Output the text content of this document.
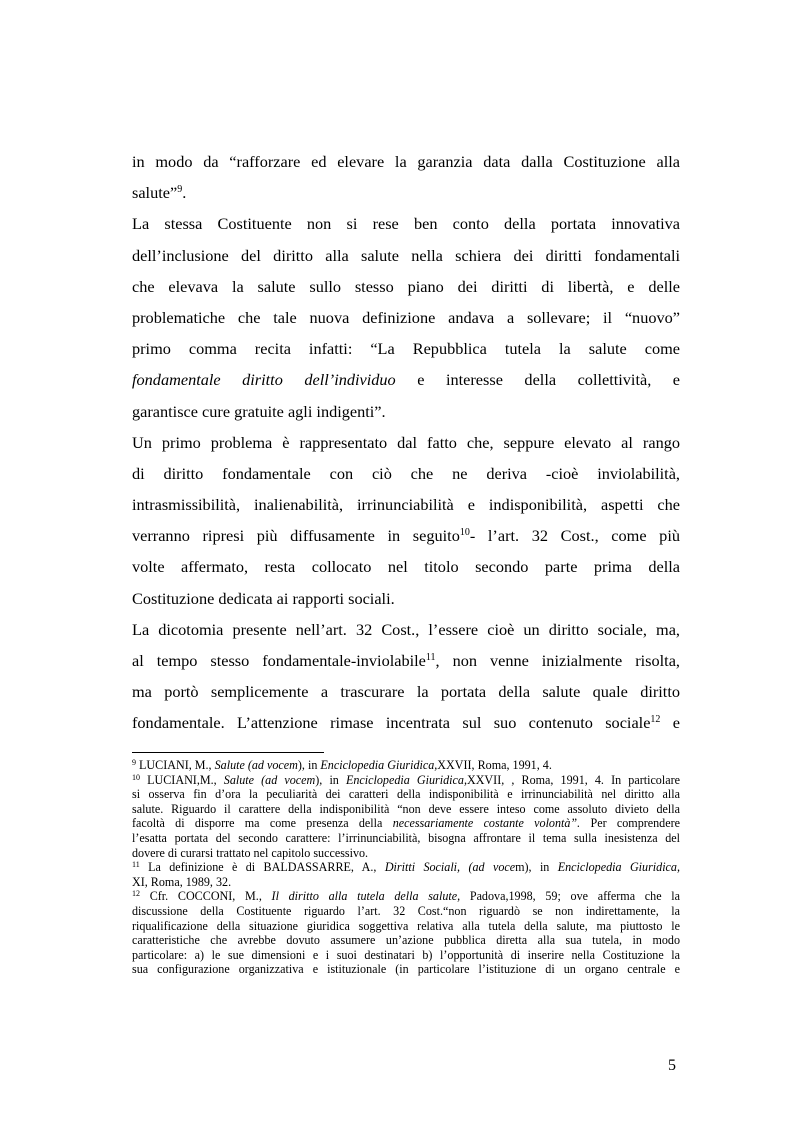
in modo da “rafforzare ed elevare la garanzia data dalla Costituzione alla
salute”$^9$.
La stessa Costituente non si rese ben conto della portata innovativa
dell’inclusione del diritto alla salute nella schiera dei diritti fondamentali
che elevava la salute sullo stesso piano dei diritti di libertà, e delle
problematiche che tale nuova definizione andava a sollevare; il “nuovo”
primo comma recita infatti: “La Repubblica tutela la salute come
fondamentale diritto dell’individuo e interesse della collettività, e
garantisce cure gratuite agli indigenti”.
Un primo problema è rappresentato dal fatto che, seppure elevato al rango
di diritto fondamentale con ciò che ne deriva -cioè inviolabilità,
intrasmissibilità, inalienabilità, irrinunciabilità e indisponibilità, aspetti che
verranno ripresi più diffusamente in seguito$^{10}$- l’art. 32 Cost., come più
volte affermato, resta collocato nel titolo secondo parte prima della
Costituzione dedicata ai rapporti sociali.
La dicotomia presente nell’art. 32 Cost., l’essere cioè un diritto sociale, ma,
al tempo stesso fondamentale-inviolabile$^{11}$, non venne inizialmente risolta,
ma portò semplicemente a trascurare la portata della salute quale diritto
fondamentale. L’attenzione rimase incentrata sul suo contenuto sociale$^{12}$ e
$^9$ LUCIANI, M., Salute (ad vocem), in Enciclopedia Giuridica,XXVII, Roma, 1991, 4.
$^{10}$ LUCIANI,M., Salute (ad vocem), in Enciclopedia Giuridica,XXVII, , Roma, 1991, 4. In particolare
si osserva fin d’ora la peculiarità dei caratteri della indisponibilità e irrinunciabilità nel diritto alla
salute. Riguardo il carattere della indisponibilità “non deve essere inteso come assoluto divieto della
facoltà di disporre ma come presenza della necessariamente costante volontà”. Per comprendere
l’esatta portata del secondo carattere: l’irrinunciabilità, bisogna affrontare il tema sulla inesistenza del
dovere di curarsi trattato nel capitolo successivo.
$^{11}$ La definizione è di BALDASSARRE, A., Diritti Sociali, (ad vocem), in Enciclopedia Giuridica,
XI, Roma, 1989, 32.
$^{12}$ Cfr. COCCONI, M., Il diritto alla tutela della salute, Padova,1998, 59; ove afferma che la
discussione della Costituente riguardo l’art. 32 Cost.“non riguardò se non indirettamente, la
riqualificazione della situazione giuridica soggettiva relativa alla tutela della salute, ma piuttosto le
caratteristiche che avrebbe dovuto assumere un’azione pubblica diretta alla sua tutela, in modo
particolare: a) le sue dimensioni e i suoi destinatari b) l’opportunità di inserire nella Costituzione la
sua configurazione organizzativa e istituzionale (in particolare l’istituzione di un organo centrale e
5
